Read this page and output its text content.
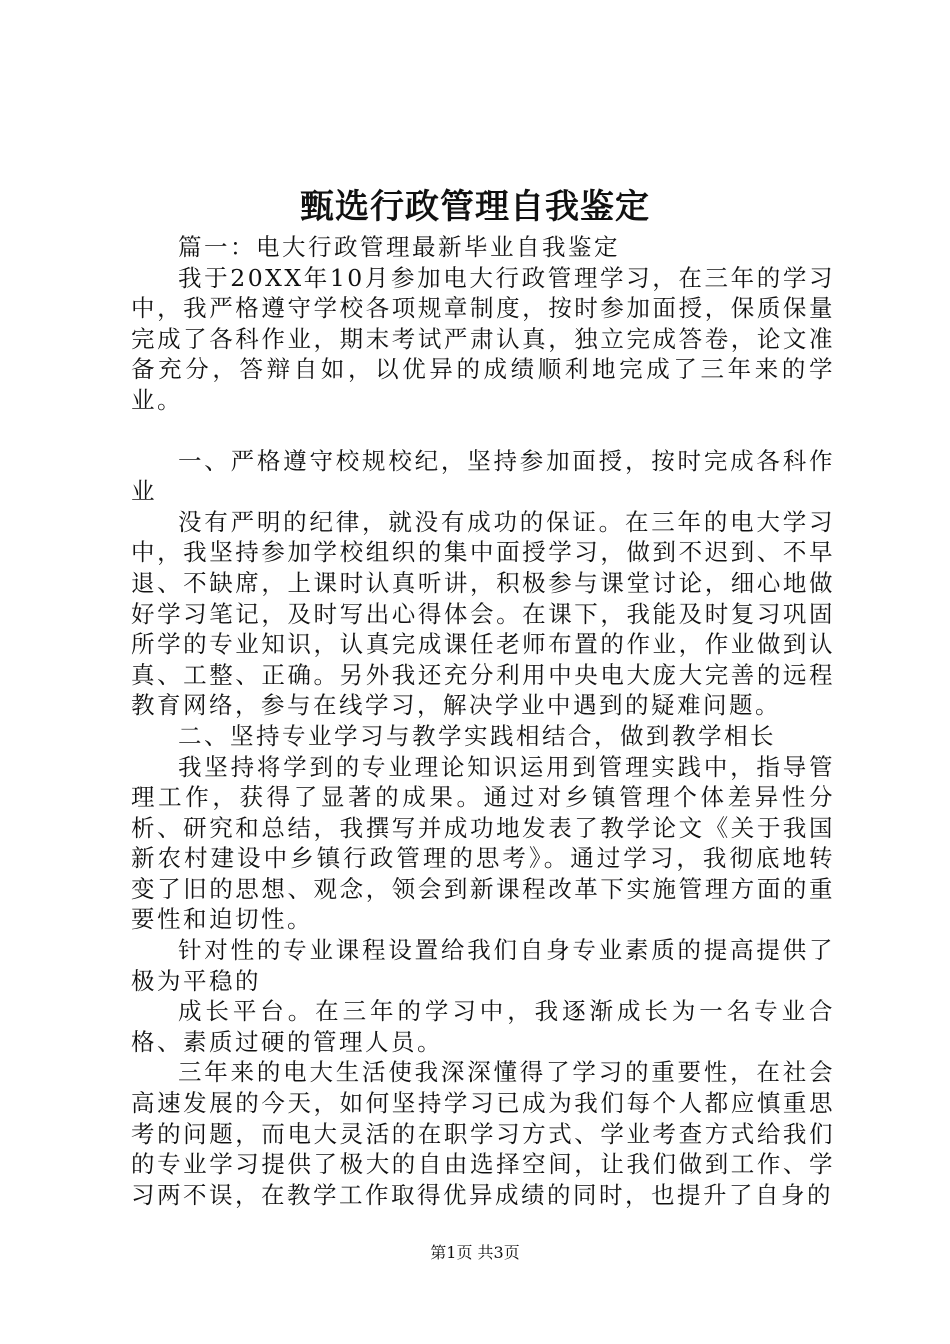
甄选行政管理自我鉴定

篇一：电大行政管理最新毕业自我鉴定

我于20XX年10月参加电大行政管理学习，在三年的学习中，我严格遵守学校各项规章制度，按时参加面授，保质保量完成了各科作业，期末考试严肃认真，独立完成答卷，论文准备充分，答辩自如，以优异的成绩顺利地完成了三年来的学业。

一、严格遵守校规校纪，坚持参加面授，按时完成各科作业

没有严明的纪律，就没有成功的保证。在三年的电大学习中，我坚持参加学校组织的集中面授学习，做到不迟到、不早退、不缺席，上课时认真听讲，积极参与课堂讨论，细心地做好学习笔记，及时写出心得体会。在课下，我能及时复习巩固所学的专业知识，认真完成课任老师布置的作业，作业做到认真、工整、正确。另外我还充分利用中央电大庞大完善的远程教育网络，参与在线学习，解决学业中遇到的疑难问题。

二、坚持专业学习与教学实践相结合，做到教学相长

我坚持将学到的专业理论知识运用到管理实践中，指导管理工作，获得了显著的成果。通过对乡镇管理个体差异性分析、研究和总结，我撰写并成功地发表了教学论文《关于我国新农村建设中乡镇行政管理的思考》。通过学习，我彻底地转变了旧的思想、观念，领会到新课程改革下实施管理方面的重要性和迫切性。

针对性的专业课程设置给我们自身专业素质的提高提供了极为平稳的

成长平台。在三年的学习中，我逐渐成长为一名专业合格、素质过硬的管理人员。

三年来的电大生活使我深深懂得了学习的重要性，在社会高速发展的今天，如何坚持学习已成为我们每个人都应慎重思考的问题，而电大灵活的在职学习方式、学业考查方式给我们的专业学习提供了极大的自由选择空间，让我们做到工作、学习两不误，在教学工作取得优异成绩的同时，也提升了自身的

第1页 共3页
